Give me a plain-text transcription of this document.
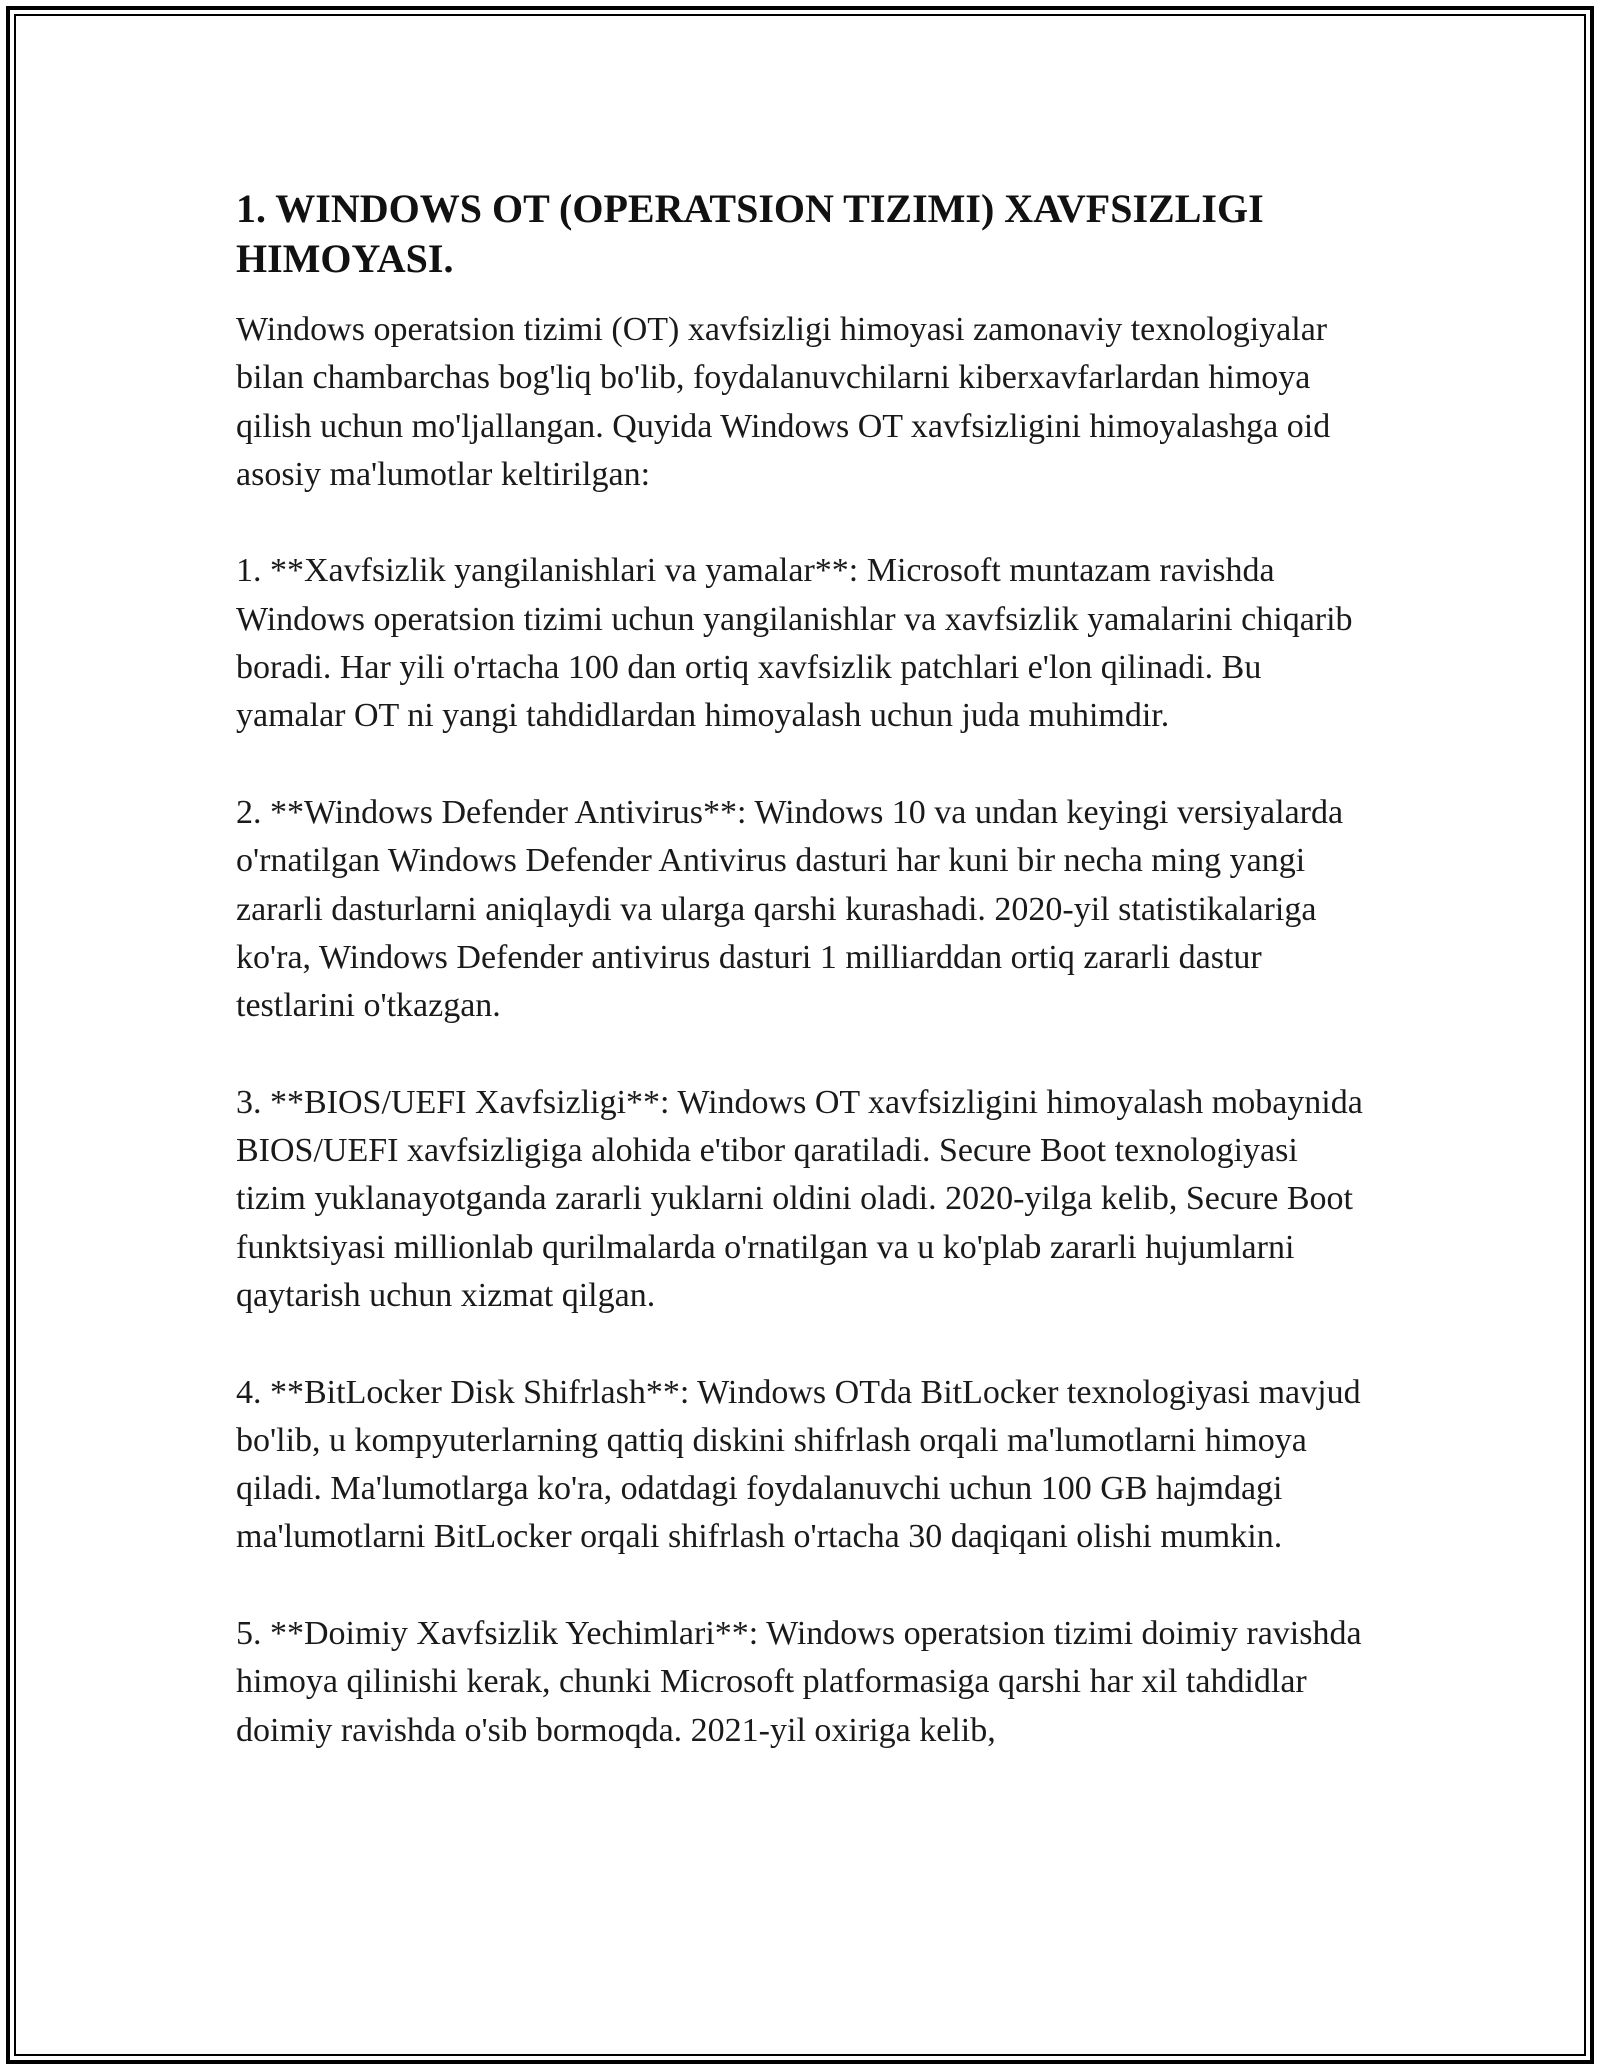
1. WINDOWS OT (OPERATSION TIZIMI) XAVFSIZLIGI HIMOYASI.

Windows operatsion tizimi (OT) xavfsizligi himoyasi zamonaviy texnologiyalar bilan chambarchas bog'liq bo'lib, foydalanuvchilarni kiberxavfarlardan himoya qilish uchun mo'ljallangan. Quyida Windows OT xavfsizligini himoyalashga oid asosiy ma'lumotlar keltirilgan:

1. **Xavfsizlik yangilanishlari va yamalar**: Microsoft muntazam ravishda Windows operatsion tizimi uchun yangilanishlar va xavfsizlik yamalarini chiqarib boradi. Har yili o'rtacha 100 dan ortiq xavfsizlik patchlari e'lon qilinadi. Bu yamalar OT ni yangi tahdidlardan himoyalash uchun juda muhimdir.

2. **Windows Defender Antivirus**: Windows 10 va undan keyingi versiyalarda o'rnatilgan Windows Defender Antivirus dasturi har kuni bir necha ming yangi zararli dasturlarni aniqlaydi va ularga qarshi kurashadi. 2020-yil statistikalariga ko'ra, Windows Defender antivirus dasturi 1 milliarddan ortiq zararli dastur testlarini o'tkazgan.

3. **BIOS/UEFI Xavfsizligi**: Windows OT xavfsizligini himoyalash mobaynida BIOS/UEFI xavfsizligiga alohida e'tibor qaratiladi. Secure Boot texnologiyasi tizim yuklanayotganda zararli yuklarni oldini oladi. 2020-yilga kelib, Secure Boot funktsiyasi millionlab qurilmalarda o'rnatilgan va u ko'plab zararli hujumlarni qaytarish uchun xizmat qilgan.

4. **BitLocker Disk Shifrlash**: Windows OTda BitLocker texnologiyasi mavjud bo'lib, u kompyuterlarning qattiq diskini shifrlash orqali ma'lumotlarni himoya qiladi. Ma'lumotlarga ko'ra, odatdagi foydalanuvchi uchun 100 GB hajmdagi ma'lumotlarni BitLocker orqali shifrlash o'rtacha 30 daqiqani olishi mumkin.

5. **Doimiy Xavfsizlik Yechimlari**: Windows operatsion tizimi doimiy ravishda himoya qilinishi kerak, chunki Microsoft platformasiga qarshi har xil tahdidlar doimiy ravishda o'sib bormoqda. 2021-yil oxiriga kelib,
